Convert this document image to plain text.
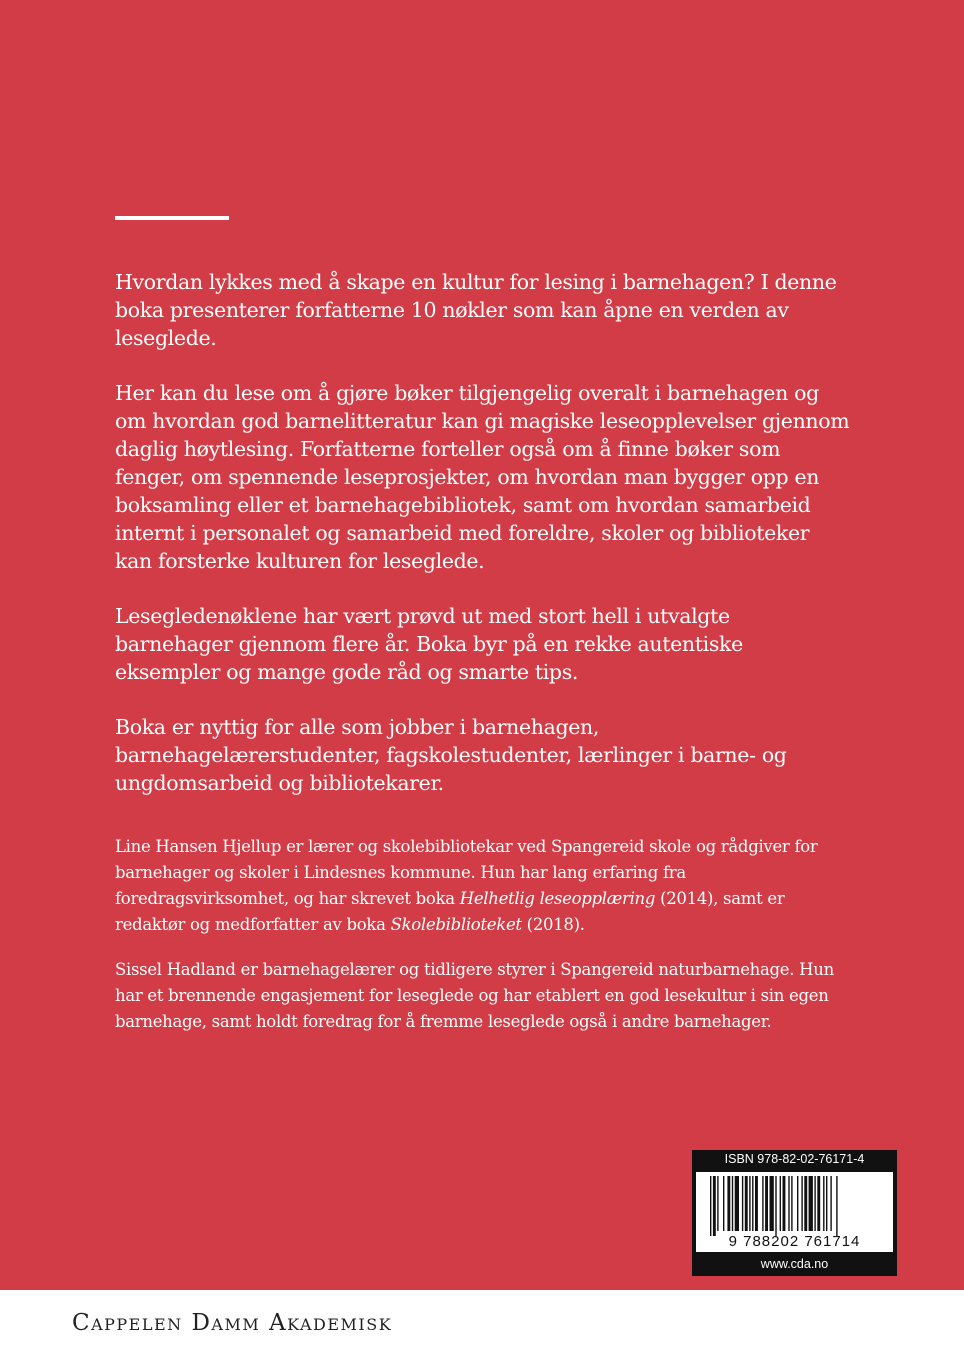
Hvordan lykkes med å skape en kultur for lesing i barnehagen? I denne boka presenterer forfatterne 10 nøkler som kan åpne en verden av leseglede.

Her kan du lese om å gjøre bøker tilgjengelig overalt i barnehagen og om hvordan god barnelitteratur kan gi magiske leseopplevelser gjennom daglig høytlesing. Forfatterne forteller også om å finne bøker som fenger, om spennende leseprosjekter, om hvordan man bygger opp en boksamling eller et barnehagebibliotek, samt om hvordan samarbeid internt i personalet og samarbeid med foreldre, skoler og biblioteker kan forsterke kulturen for leseglede.

Lesegledenøklene har vært prøvd ut med stort hell i utvalgte barnehager gjennom flere år. Boka byr på en rekke autentiske eksempler og mange gode råd og smarte tips.

Boka er nyttig for alle som jobber i barnehagen, barnehagelærerstudenter, fagskolestudenter, lærlinger i barne- og ungdomsarbeid og bibliotekarer.

Line Hansen Hjellup er lærer og skolebibliotekar ved Spangereid skole og rådgiver for barnehager og skoler i Lindesnes kommune. Hun har lang erfaring fra foredragsvirksomhet, og har skrevet boka Helhetlig leseopplæring (2014), samt er redaktør og medforfatter av boka Skolebiblioteket (2018).

Sissel Hadland er barnehagelærer og tidligere styrer i Spangereid naturbarnehage. Hun har et brennende engasjement for leseglede og har etablert en god lesekultur i sin egen barnehage, samt holdt foredrag for å fremme leseglede også i andre barnehager.

ISBN 978-82-02-76171-4
9 788202 761714
www.cda.no
Cappelen Damm Akademisk
